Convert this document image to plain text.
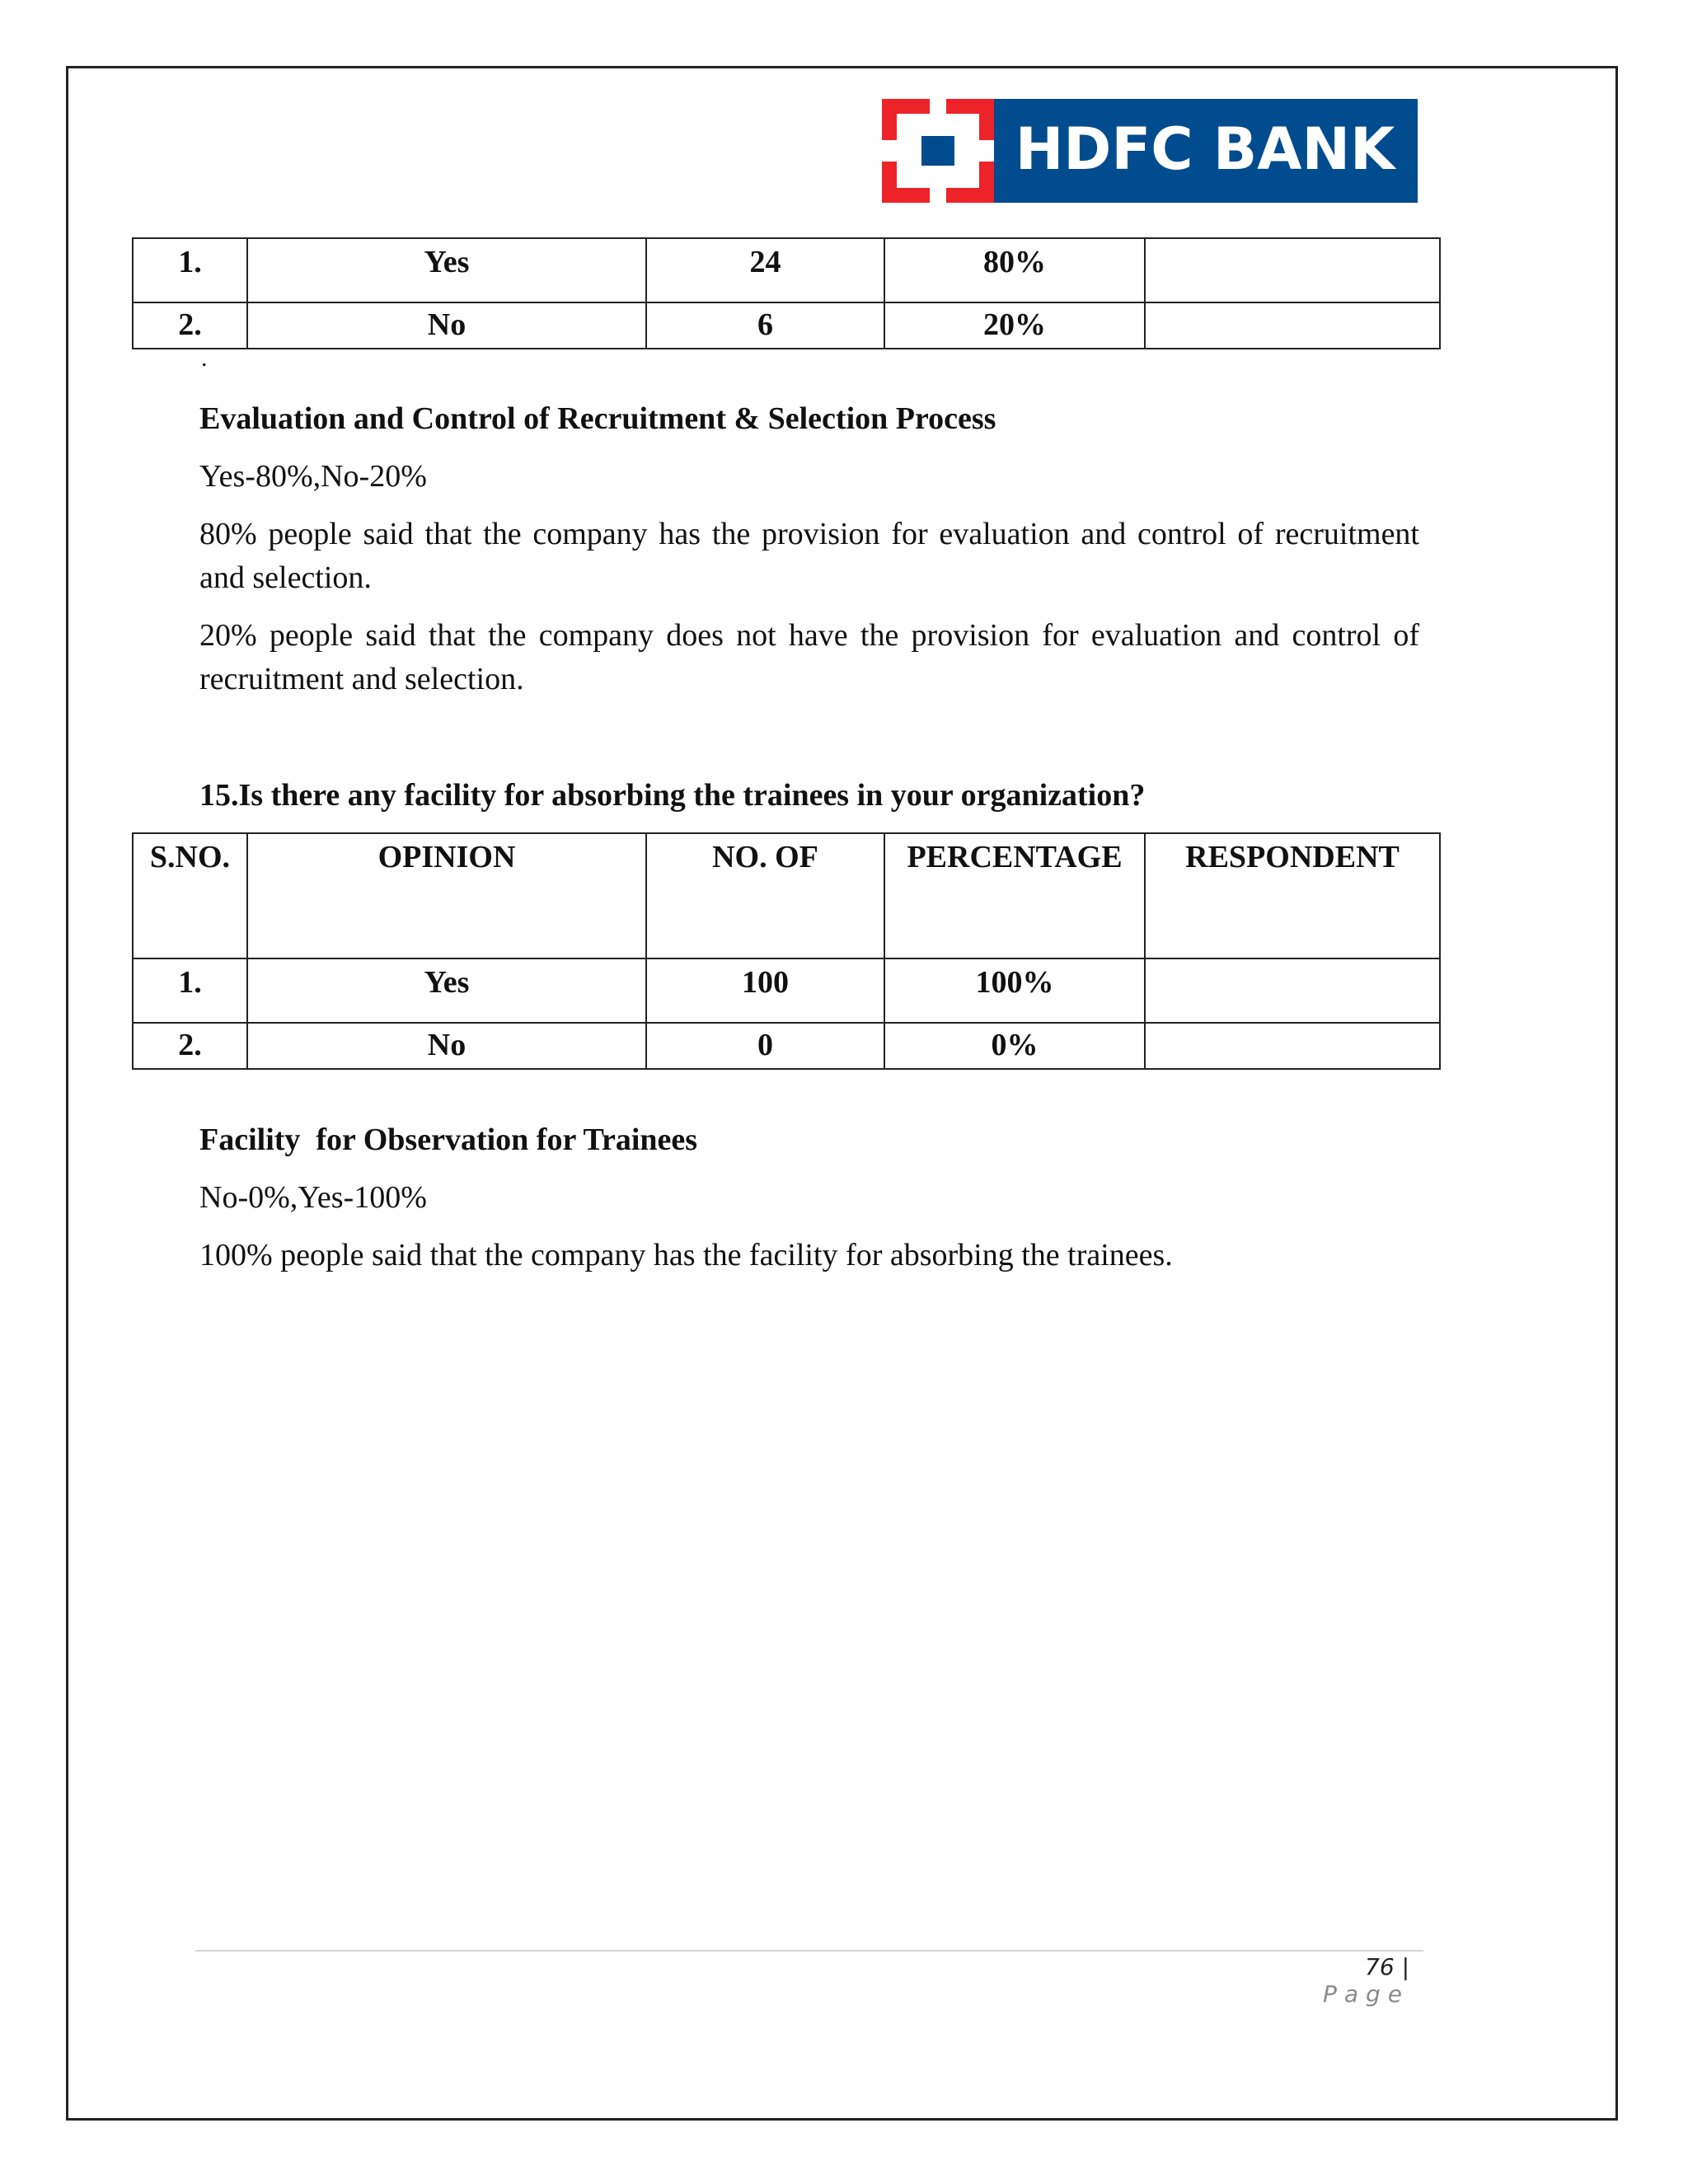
HDFC BANK
1.	Yes	24	80%	
2.	No	6	20%	
.
Evaluation and Control of Recruitment & Selection Process
Yes-80%,No-20%
80% people said that the company has the provision for evaluation and control of recruitment and selection.
20% people said that the company does not have the provision for evaluation and control of recruitment and selection.
15.Is there any facility for absorbing the trainees in your organization?
S.NO.	OPINION	NO. OF	PERCENTAGE	RESPONDENT
1.	Yes	100	100%	
2.	No	0	0%	
Facility  for Observation for Trainees
No-0%,Yes-100%
100% people said that the company has the facility for absorbing the trainees.
76 | Page
